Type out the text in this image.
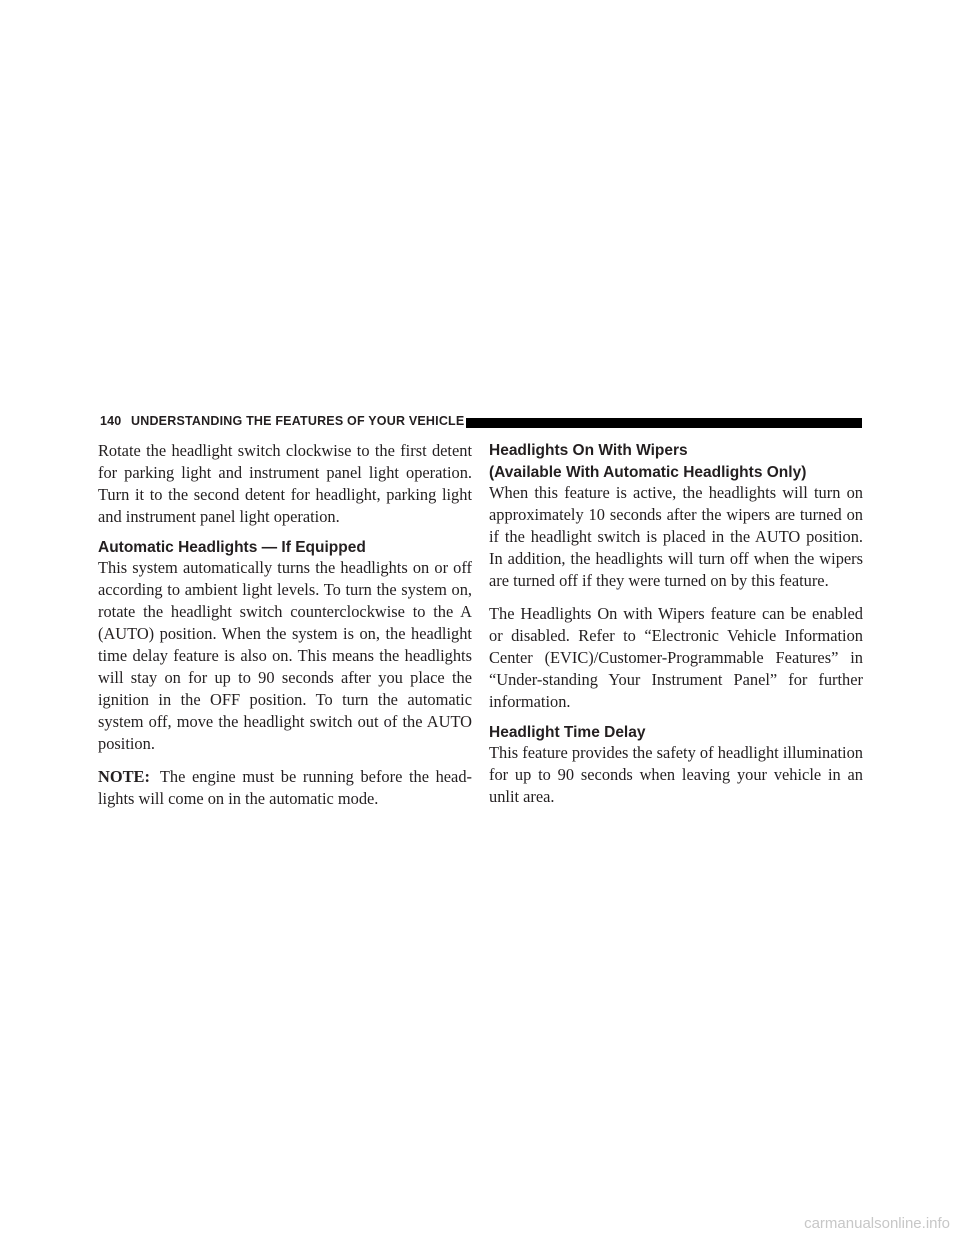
140 UNDERSTANDING THE FEATURES OF YOUR VEHICLE

Rotate the headlight switch clockwise to the first detent for parking light and instrument panel light operation. Turn it to the second detent for headlight, parking light and instrument panel light operation.

Automatic Headlights — If Equipped

This system automatically turns the headlights on or off according to ambient light levels. To turn the system on, rotate the headlight switch counterclockwise to the A (AUTO) position. When the system is on, the headlight time delay feature is also on. This means the headlights will stay on for up to 90 seconds after you place the ignition in the OFF position. To turn the automatic system off, move the headlight switch out of the AUTO position.

NOTE: The engine must be running before the head-lights will come on in the automatic mode.

Headlights On With Wipers
(Available With Automatic Headlights Only)

When this feature is active, the headlights will turn on approximately 10 seconds after the wipers are turned on if the headlight switch is placed in the AUTO position. In addition, the headlights will turn off when the wipers are turned off if they were turned on by this feature.

The Headlights On with Wipers feature can be enabled or disabled. Refer to “Electronic Vehicle Information Center (EVIC)/Customer-Programmable Features” in “Under-standing Your Instrument Panel” for further information.

Headlight Time Delay

This feature provides the safety of headlight illumination for up to 90 seconds when leaving your vehicle in an unlit area.

carmanualsonline.info
